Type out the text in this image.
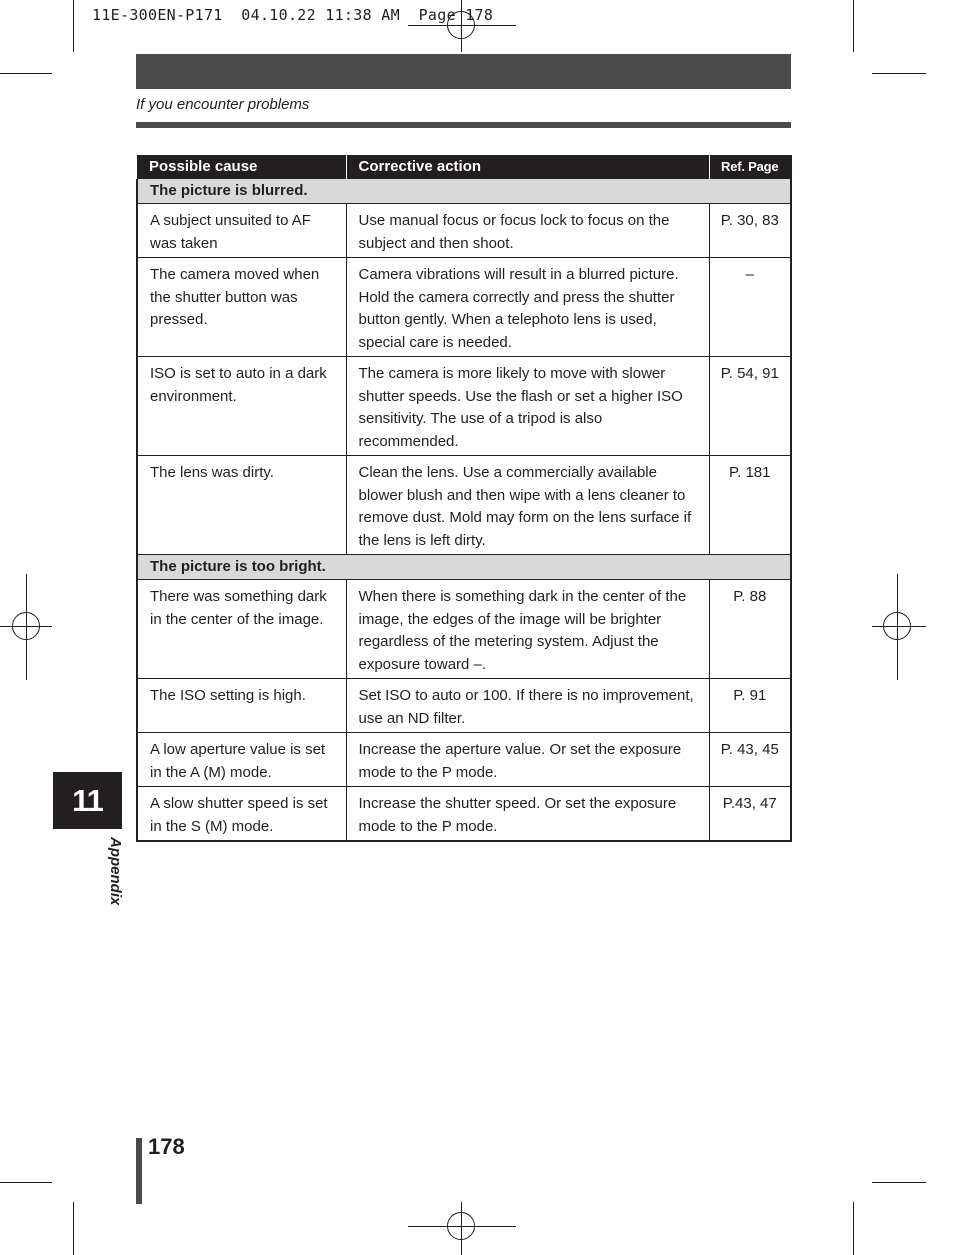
11E-300EN-P171  04.10.22 11:38 AM  Page 178
If you encounter problems
Possible cause	Corrective action	Ref. Page
The picture is blurred.		
A subject unsuited to AF was taken	Use manual focus or focus lock to focus on the subject and then shoot.	P. 30, 83
The camera moved when the shutter button was pressed.	Camera vibrations will result in a blurred picture. Hold the camera correctly and press the shutter button gently. When a telephoto lens is used, special care is needed.	–
ISO is set to auto in a dark environment.	The camera is more likely to move with slower shutter speeds. Use the flash or set a higher ISO sensitivity. The use of a tripod is also recommended.	P. 54, 91
The lens was dirty.	Clean the lens. Use a commercially available blower blush and then wipe with a lens cleaner to remove dust. Mold may form on the lens surface if the lens is left dirty.	P. 181
The picture is too bright.		
There was something dark in the center of the image.	When there is something dark in the center of the image, the edges of the image will be brighter regardless of the metering system. Adjust the exposure toward –.	P. 88
The ISO setting is high.	Set ISO to auto or 100. If there is no improvement, use an ND filter.	P. 91
A low aperture value is set in the A (M) mode.	Increase the aperture value. Or set the exposure mode to the P mode.	P. 43, 45
A slow shutter speed is set in the S (M) mode.	Increase the shutter speed. Or set the exposure mode to the P mode.	P.43, 47
11
Appendix
178
